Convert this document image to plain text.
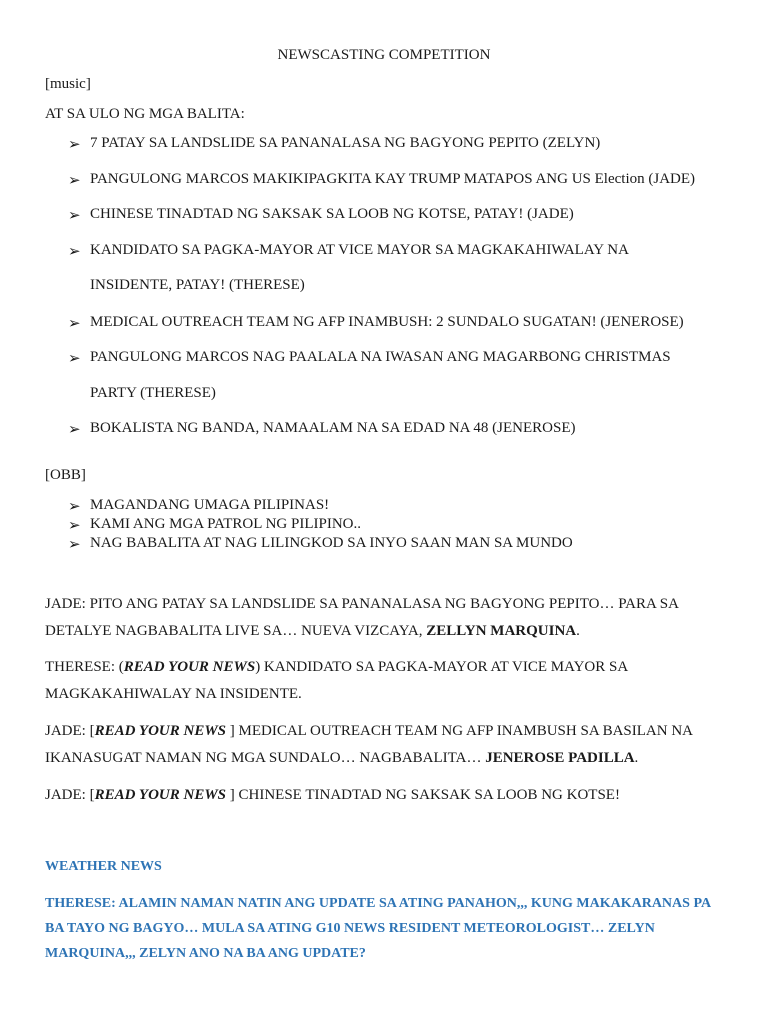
NEWSCASTING COMPETITION
[music]
AT SA ULO NG MGA BALITA:
➢ 7 PATAY SA LANDSLIDE SA PANANALASA NG BAGYONG PEPITO (ZELYN)
➢ PANGULONG MARCOS MAKIKIPAGKITA KAY TRUMP MATAPOS ANG US Election (JADE)
➢ CHINESE TINADTAD NG SAKSAK SA LOOB NG KOTSE, PATAY! (JADE)
➢ KANDIDATO SA PAGKA-MAYOR AT VICE MAYOR SA MAGKAKAHIWALAY NA
INSIDENTE, PATAY! (THERESE)
➢ MEDICAL OUTREACH TEAM NG AFP INAMBUSH: 2 SUNDALO SUGATAN! (JENEROSE)
➢ PANGULONG MARCOS NAG PAALALA NA IWASAN ANG MAGARBONG CHRISTMAS
PARTY (THERESE)
➢ BOKALISTA NG BANDA, NAMAALAM NA SA EDAD NA 48 (JENEROSE)
[OBB]
➢ MAGANDANG UMAGA PILIPINAS!
➢ KAMI ANG MGA PATROL NG PILIPINO..
➢ NAG BABALITA AT NAG LILINGKOD SA INYO SAAN MAN SA MUNDO
JADE: PITO ANG PATAY SA LANDSLIDE SA PANANALASA NG BAGYONG PEPITO… PARA SA DETALYE NAGBABALITA LIVE SA… NUEVA VIZCAYA, ZELLYN MARQUINA.
THERESE: (READ YOUR NEWS) KANDIDATO SA PAGKA-MAYOR AT VICE MAYOR SA MAGKAKAHIWALAY NA INSIDENTE.
JADE: [READ YOUR NEWS ] MEDICAL OUTREACH TEAM NG AFP INAMBUSH SA BASILAN NA IKANASUGAT NAMAN NG MGA SUNDALO… NAGBABALITA… JENEROSE PADILLA.
JADE: [READ YOUR NEWS ] CHINESE TINADTAD NG SAKSAK SA LOOB NG KOTSE!
WEATHER NEWS
THERESE: ALAMIN NAMAN NATIN ANG UPDATE SA ATING PANAHON,,, KUNG MAKAKARANAS PA BA TAYO NG BAGYO… MULA SA ATING G10 NEWS RESIDENT METEOROLOGIST… ZELYN MARQUINA,,, ZELYN ANO NA BA ANG UPDATE?
